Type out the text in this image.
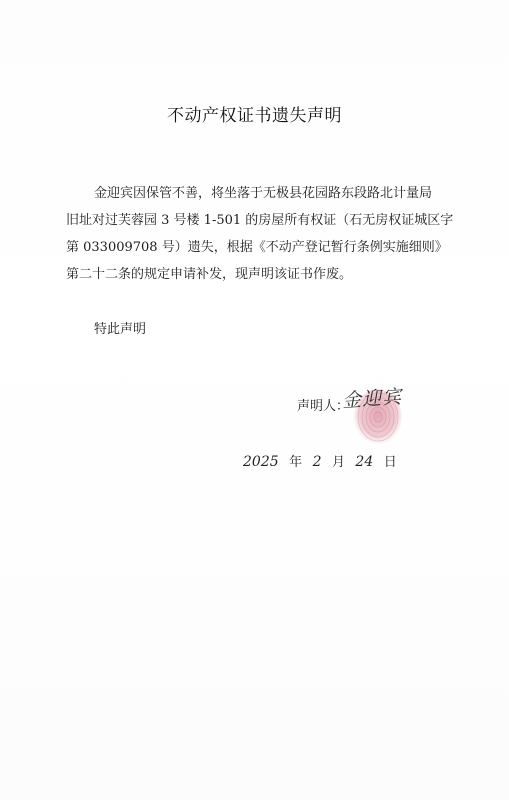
不动产权证书遗失声明
金迎宾因保管不善，将坐落于无极县花园路东段路北计量局
旧址对过芙蓉园 3 号楼 1-501 的房屋所有权证（石无房权证城区字
第 033009708 号）遗失，根据《不动产登记暂行条例实施细则》
第二十二条的规定申请补发，现声明该证书作废。
特此声明
声明人：
金迎宾
2025 年 2 月 24 日
